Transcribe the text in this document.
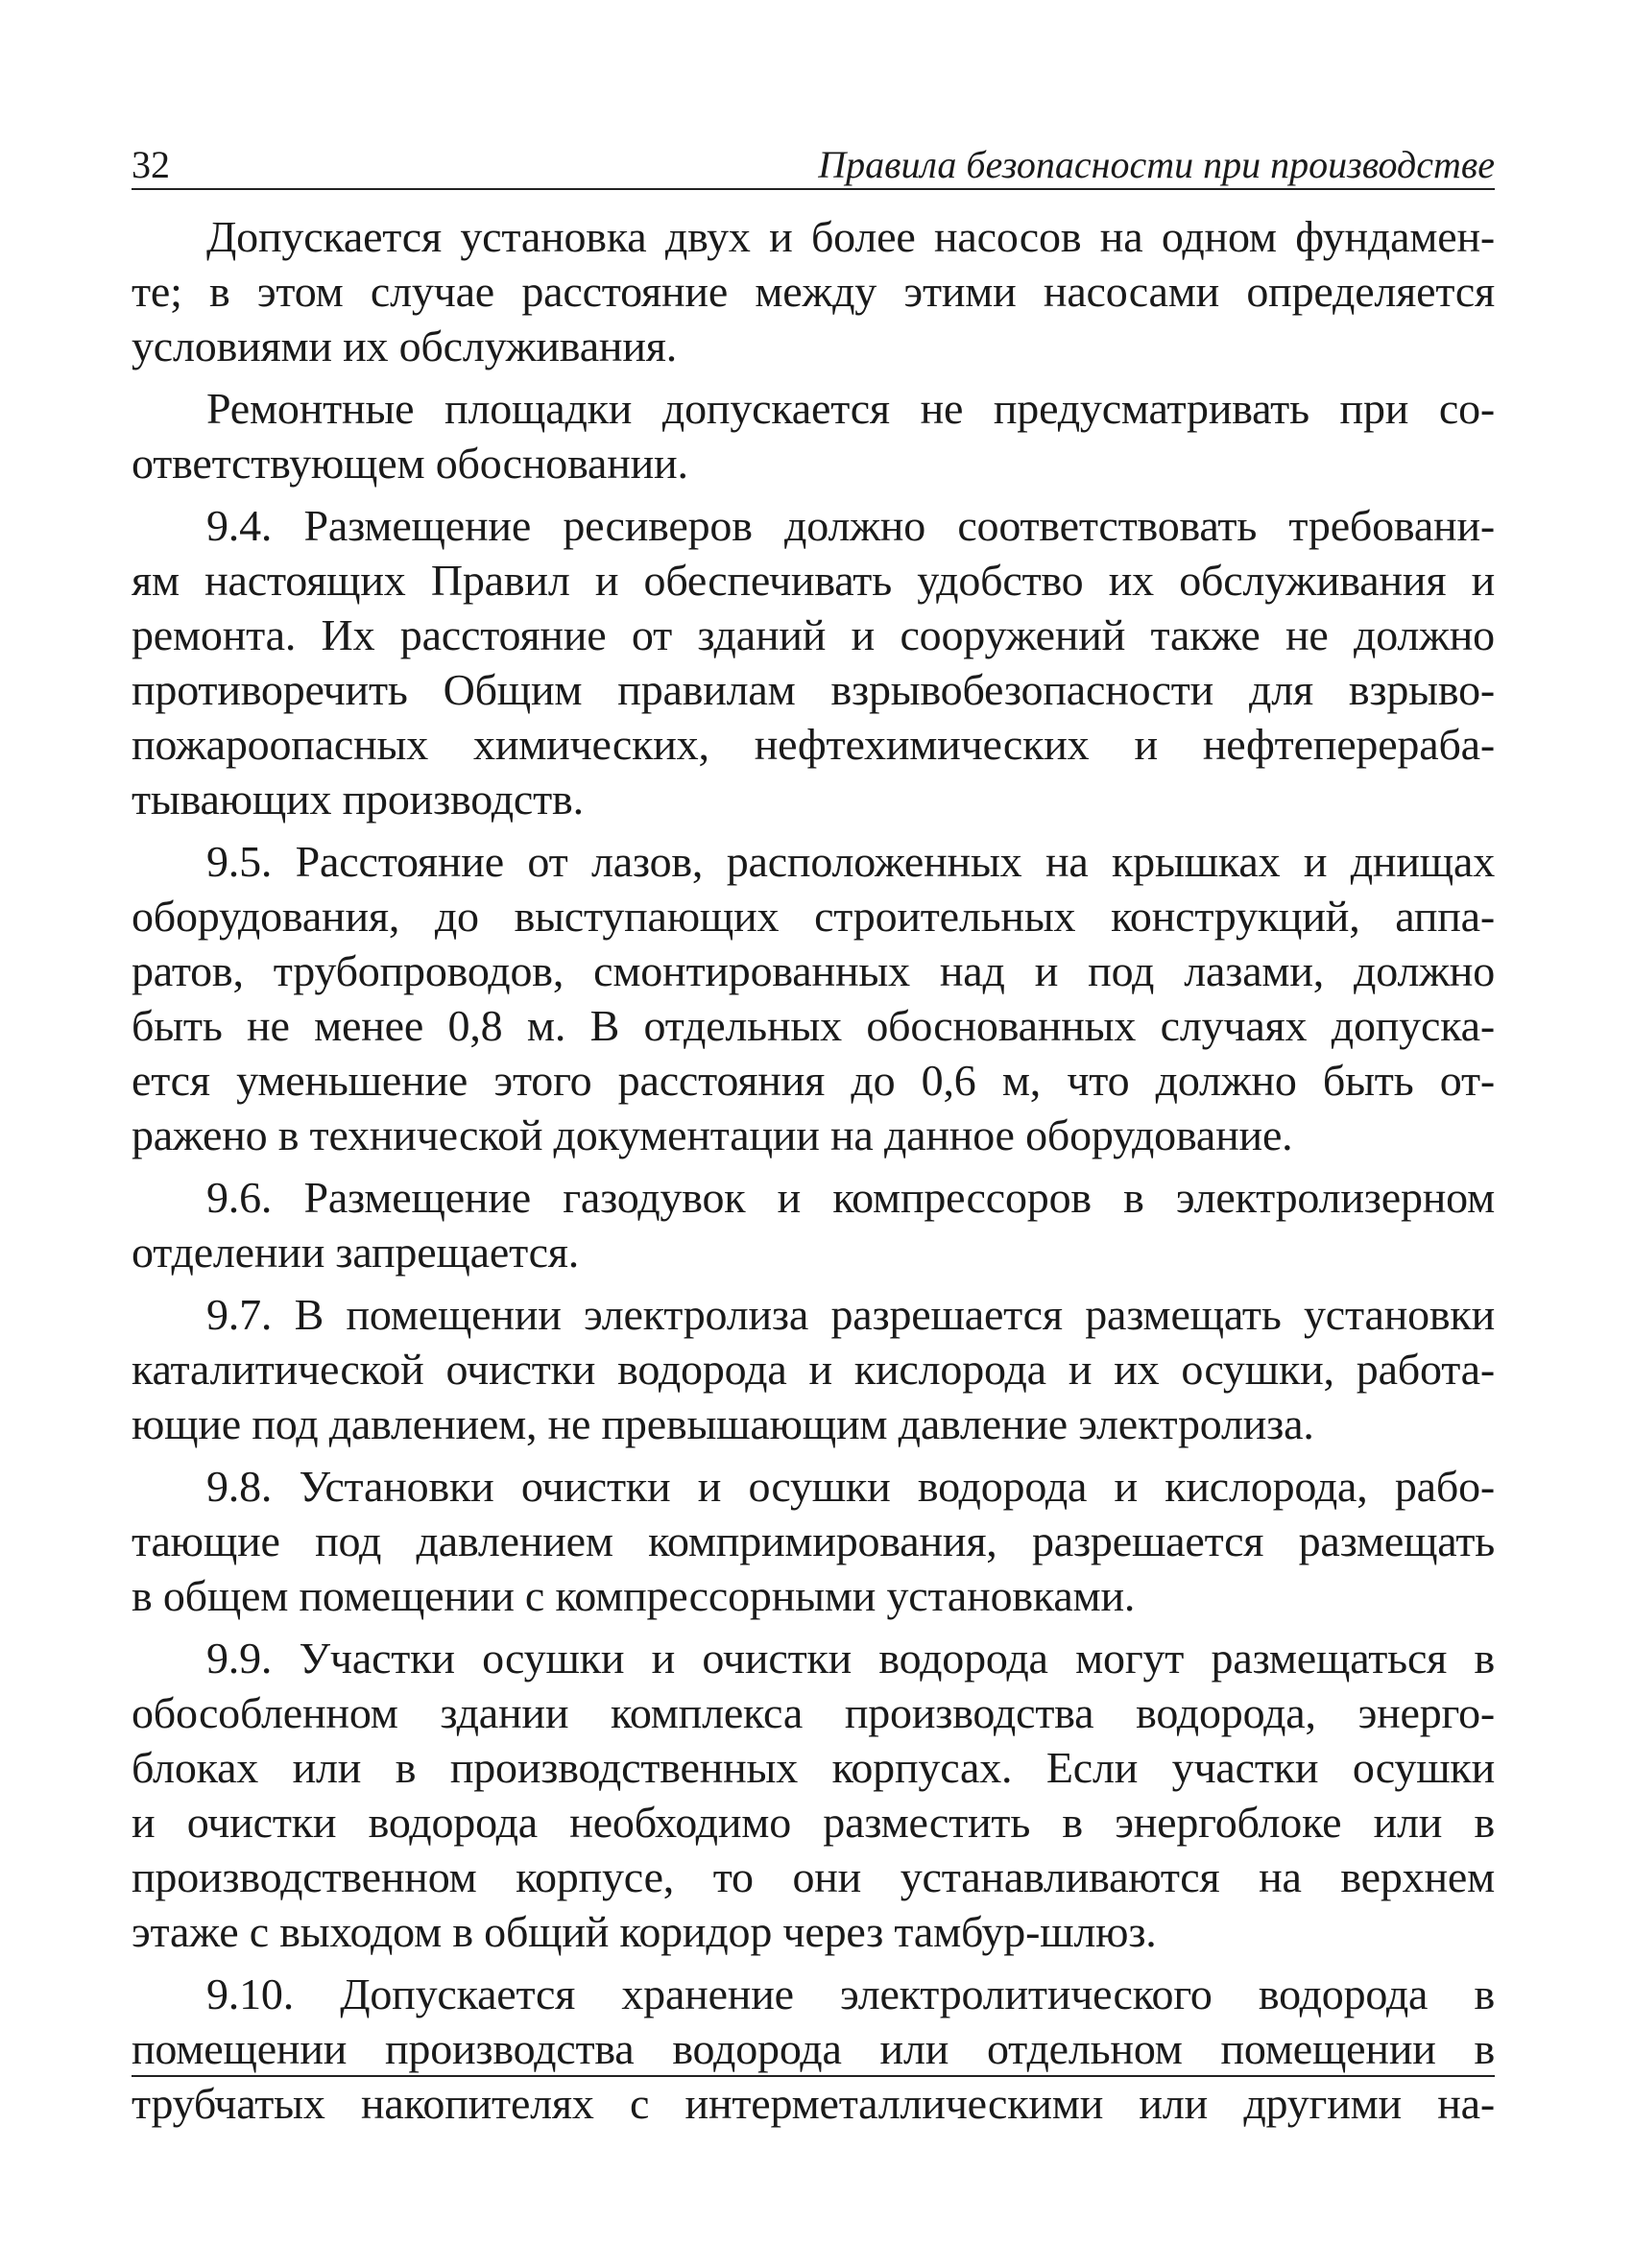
32	Правила безопасности при производстве
Допускается установка двух и более насосов на одном фундамен-
те; в этом случае расстояние между этими насосами определяется
условиями их обслуживания.
Ремонтные площадки допускается не предусматривать при со-
ответствующем обосновании.
9.4. Размещение ресиверов должно соответствовать требовани-
ям настоящих Правил и обеспечивать удобство их обслуживания и
ремонта. Их расстояние от зданий и сооружений также не должно
противоречить Общим правилам взрывобезопасности для взрыво-
пожароопасных химических, нефтехимических и нефтеперераба-
тывающих производств.
9.5. Расстояние от лазов, расположенных на крышках и днищах
оборудования, до выступающих строительных конструкций, аппа-
ратов, трубопроводов, смонтированных над и под лазами, должно
быть не менее 0,8 м. В отдельных обоснованных случаях допуска-
ется уменьшение этого расстояния до 0,6 м, что должно быть от-
ражено в технической документации на данное оборудование.
9.6. Размещение газодувок и компрессоров в электролизерном
отделении запрещается.
9.7. В помещении электролиза разрешается размещать установки
каталитической очистки водорода и кислорода и их осушки, работа-
ющие под давлением, не превышающим давление электролиза.
9.8. Установки очистки и осушки водорода и кислорода, рабо-
тающие под давлением компримирования, разрешается размещать
в общем помещении с компрессорными установками.
9.9. Участки осушки и очистки водорода могут размещаться в
обособленном здании комплекса производства водорода, энерго-
блоках или в производственных корпусах. Если участки осушки
и очистки водорода необходимо разместить в энергоблоке или в
производственном корпусе, то они устанавливаются на верхнем
этаже с выходом в общий коридор через тамбур-шлюз.
9.10. Допускается хранение электролитического водорода в
помещении производства водорода или отдельном помещении в
трубчатых накопителях с интерметаллическими или другими на-
